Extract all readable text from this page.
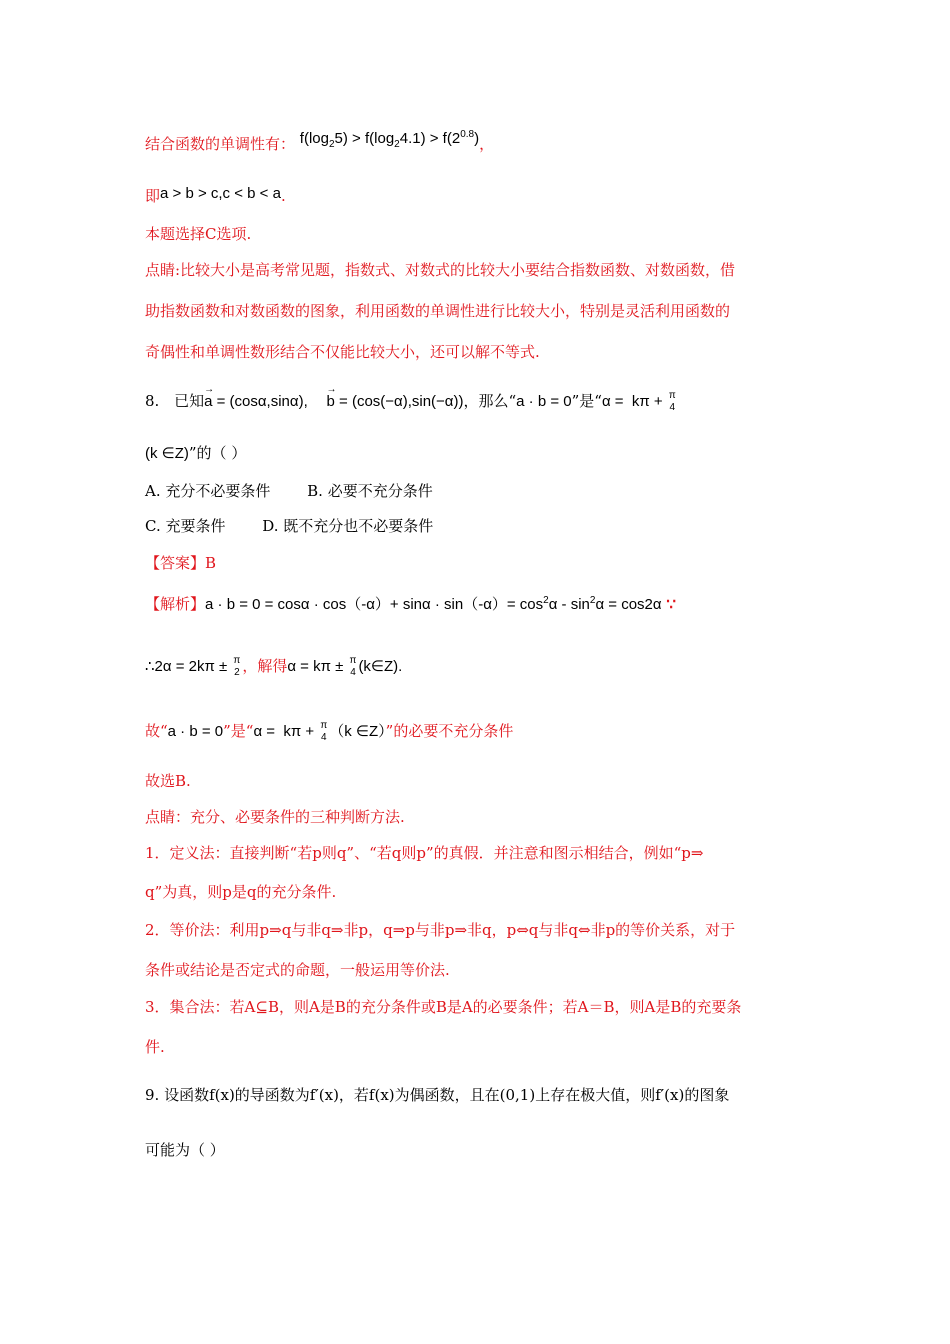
结合函数的单调性有： $f(\log_25) > f(\log_24.1) > f(2^{0.8})$，
即a > b > c,c < b < a.
本题选择C选项.
点睛:比较大小是高考常见题，指数式、对数式的比较大小要结合指数函数、对数函数，借
助指数函数和对数函数的图象，利用函数的单调性进行比较大小，特别是灵活利用函数的
奇偶性和单调性数形结合不仅能比较大小，还可以解不等式.
8. 已知→ a = (cosα,sinα), → b = (cos(−α),sin(−α))，那么“a · b = 0”是“α =  kπ + π
4
(k ∈Z)”的（ ）
A. 充分不必要条件 B. 必要不充分条件
C. 充要条件 D. 既不充分也不必要条件
【答案】B
【解析】$a \cdot b = 0 = \cos\alpha \cdot \cos(-\alpha)+ \sin\alpha \cdot \sin(-\alpha)= \cos^2\alpha - \sin^2\alpha = \cos 2\alpha$ ∵
∴2α = 2kπ ± π
2 ，解得α = kπ ± π
4 (k∈Z).
故“a · b = 0”是“α =  kπ + π
4 （k ∈Z）”的必要不充分条件
故选B.
点睛：充分、必要条件的三种判断方法.
1．定义法：直接判断“若p则q”、“若q则p”的真假．并注意和图示相结合，例如“p⇒
q”为真，则p是q的充分条件.
2．等价法：利用p⇒q与非q⇒非p，q⇒p与非p⇒非q，p⇔q与非q⇔非p的等价关系，对于
条件或结论是否定式的命题，一般运用等价法.
3．集合法：若A⊆B，则A是B的充分条件或B是A的必要条件；若A＝B，则A是B的充要条
件.
9. 设函数f(x)的导函数为f′(x)，若f(x)为偶函数，且在(0,1)上存在极大值，则f′(x)的图象
可能为（ ）
